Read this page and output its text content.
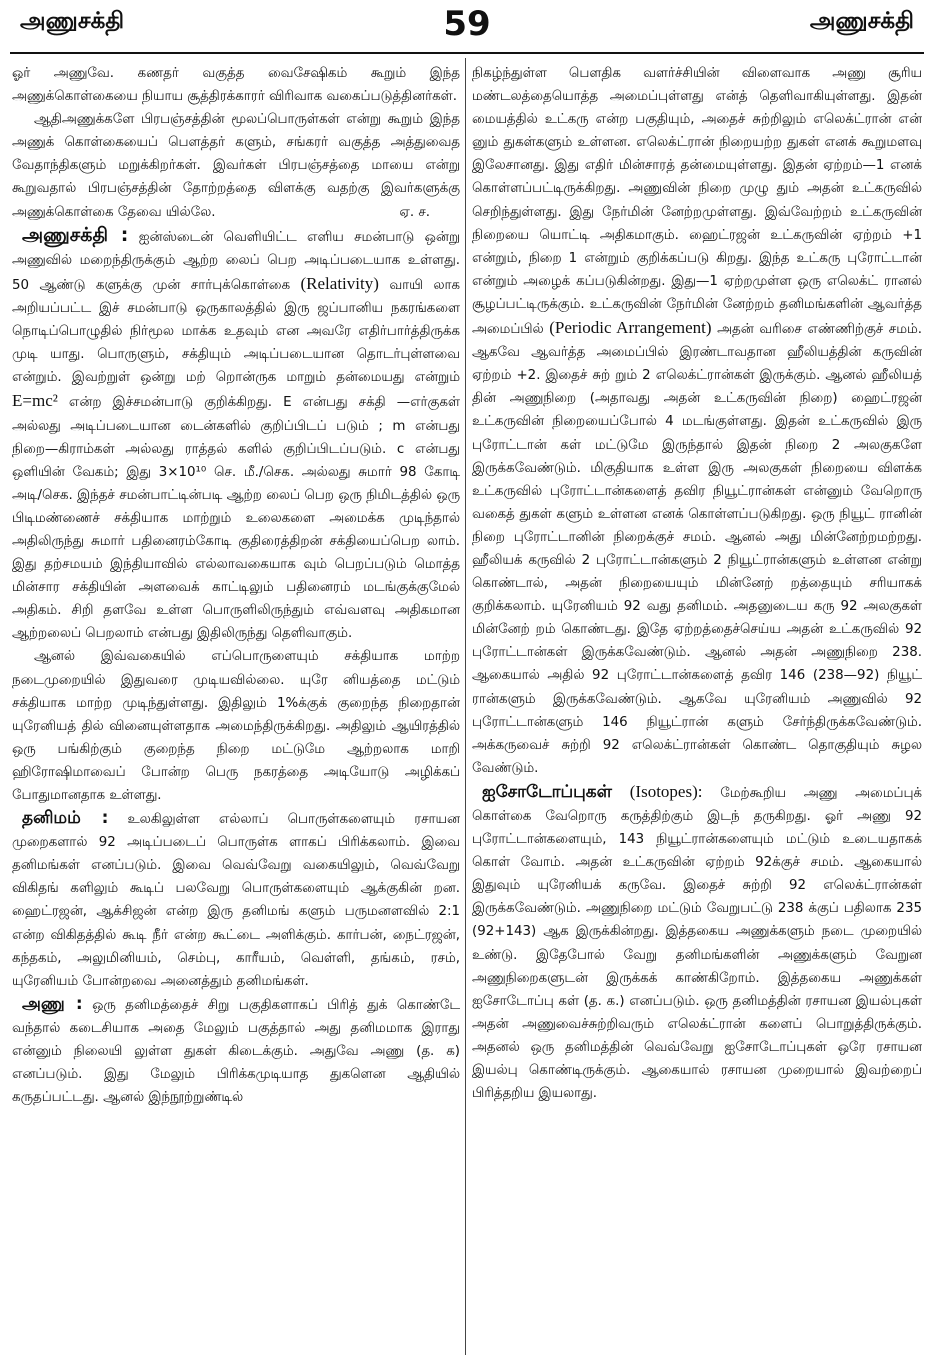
அணுசக்தி	59	அணுசக்தி

ஓர் அணுவே. கணதர் வகுத்த வைசேஷிகம் கூறும் இந்த அணுக்கொள்கையை நியாய சூத்திரக்காரர் விரிவாக வகைப்படுத்தினர்கள்.

ஆதிஅணுக்களே பிரபஞ்சத்தின் மூலப்பொருள்கள் என்று கூறும் இந்த அணுக் கொள்கையைப் பௌத்தர் களும், சங்கரர் வகுத்த அத்துவைத வேதாந்திகளும் மறுக்கிறர்கள். இவர்கள் பிரபஞ்சத்தை மாயை என்று கூறுவதால் பிரபஞ்சத்தின் தோற்றத்தை விளக்கு வதற்கு இவர்களுக்கு அணுக்கொள்கை தேவை யில்லே.	ஏ. ச.

அணுசக்தி : ஐன்ஸ்டைன் வெளியிட்ட எளிய சமன்பாடு ஒன்று அணுவில் மறைந்திருக்கும் ஆற்ற லைப் பெற அடிப்படையாக உள்ளது. 50 ஆண்டு களுக்கு முன் சார்புக்கொள்கை (Relativity) வாயி லாக அறியப்பட்ட இச் சமன்பாடு ஒருகாலத்தில் இரு ஜப்பானிய நகரங்களை நொடிப்பொழுதில் நிர்மூல மாக்க உதவும் என அவரே எதிர்பார்த்திருக்க முடி யாது. பொருளும், சக்தியும் அடிப்படையான தொடர்புள்ளவை என்றும். இவற்றுள் ஒன்று மற் றொன்ருக மாறும் தன்மையது என்றும் E=mc² என்ற இச்சமன்பாடு குறிக்கிறது. E என்பது சக்தி —எர்குகள் அல்லது அடிப்படையான டைன்களில் குறிப்பிடப் படும் ; m என்பது நிறை—கிராம்கள் அல்லது ராத்தல் களில் குறிப்பிடப்படும். c என்பது ஒளியின் வேகம்; இது 3×10¹⁰ செ. மீ./செக. அல்லது சுமார் 98 கோடி அடி/செக. இந்தச் சமன்பாட்டின்படி ஆற்ற லைப் பெற ஒரு நிமிடத்தில் ஒரு பிடிமண்ணைச் சக்தியாக மாற்றும் உலைகளை அமைக்க முடிந்தால் அதிலிருந்து சுமார் பதினைரம்கோடி குதிரைத்திறன் சக்தியைப்பெற லாம். இது தற்சமயம் இந்தியாவில் எல்லாவகையாக வும் பெறப்படும் மொத்த மின்சார சக்தியின் அளவைக் காட்டிலும் பதினைரம் மடங்குக்குமேல் அதிகம். சிறி தளவே உள்ள பொருளிலிருந்தும் எவ்வளவு அதிகமான ஆற்றலைப் பெறலாம் என்பது இதிலிருந்து தெளிவாகும்.

ஆனல் இவ்வகையில் எப்பொருளையும் சக்தியாக மாற்ற நடைமுறையில் இதுவரை முடியவில்லை. யுரே னியத்தை மட்டும் சக்தியாக மாற்ற முடிந்துள்ளது. இதிலும் 1%க்குக் குறைந்த நிறைதான் யுரேனியத் தில் வினையுள்ளதாக அமைந்திருக்கிறது. அதிலும் ஆயிரத்தில் ஒரு பங்கிற்கும் குறைந்த நிறை மட்டுமே ஆற்றலாக மாறி ஹிரோஷிமாவைப் போன்ற பெரு நகரத்தை அடியோடு அழிக்கப் போதுமானதாக உள்ளது.

தனிமம் : உலகிலுள்ள எல்லாப் பொருள்களையும் ரசாயன முறைகளால் 92 அடிப்படைப் பொருள்க ளாகப் பிரிக்கலாம். இவை தனிமங்கள் எனப்படும். இவை வெவ்வேறு வகையிலும், வெவ்வேறு விகிதங் களிலும் கூடிப் பலவேறு பொருள்களையும் ஆக்குகின் றன. ஹைட்ரஜன், ஆக்சிஜன் என்ற இரு தனிமங் களும் பருமனளவில் 2:1 என்ற விகிதத்தில் கூடி நீர் என்ற கூட்டை அளிக்கும். கார்பன், நைட்ரஜன், கந்தகம், அலுமினியம், செம்பு, காரீயம், வெள்ளி, தங்கம், ரசம், யுரேனியம் போன்றவை அனைத்தும் தனிமங்கள்.

அணு : ஒரு தனிமத்தைச் சிறு பகுதிகளாகப் பிரித் துக் கொண்டே வந்தால் கடைசியாக அதை மேலும் பகுத்தால் அது தனிமமாக இராது என்னும் நிலையி லுள்ள துகள் கிடைக்கும். அதுவே அணு (த. க) எனப்படும். இது மேலும் பிரிக்கமுடியாத துகளென ஆதியில் கருதப்பட்டது. ஆனல் இந்நூற்றுண்டில்

நிகழ்ந்துள்ள பௌதிக வளர்ச்சியின் விளைவாக அணு சூரிய மண்டலத்தையொத்த அமைப்புள்ளது என்த் தெளிவாகியுள்ளது. இதன் மையத்தில் உட்கரு என்ற பகுதியும், அதைச் சுற்றிலும் எலெக்ட்ரான் என் னும் துகள்களும் உள்ளன. எலெக்ட்ரான் நிறையற்ற துகள் எனக் கூறுமளவு இலேசானது. இது எதிர் மின்சாரத் தன்மையுள்ளது. இதன் ஏற்றம்—1 எனக் கொள்ளப்பட்டிருக்கிறது. அணுவின் நிறை முழு தும் அதன் உட்கருவில் செறிந்துள்ளது. இது நேர்மின் னேற்றமுள்ளது. இவ்வேற்றம் உட்கருவின் நிறையை யொட்டி அதிகமாகும். ஹைட்ரஜன் உட்கருவின் ஏற்றம் +1 என்றும், நிறை 1 என்றும் குறிக்கப்படு கிறது. இந்த உட்கரு புரோட்டான் என்றும் அழைக் கப்படுகின்றது. இது—1 ஏற்றமுள்ள ஒரு எலெக்ட் ரானல் சூழப்பட்டிருக்கும். உட்கருவின் நேர்மின் னேற்றம் தனிமங்களின் ஆவர்த்த அமைப்பில் (Periodic Arrangement) அதன் வரிசை எண்ணிற்குச் சமம். ஆகவே ஆவர்த்த அமைப்பில் இரண்டாவதான ஹீலியத்தின் கருவின் ஏற்றம் +2. இதைச் சுற் றும் 2 எலெக்ட்ரான்கள் இருக்கும். ஆனல் ஹீலியத் தின் அணுநிறை (அதாவது அதன் உட்கருவின் நிறை) ஹைட்ரஜன் உட்கருவின் நிறையைப்போல் 4 மடங்குள்ளது. இதன் உட்கருவில் இரு புரோட்டான் கள் மட்டுமே இருந்தால் இதன் நிறை 2 அலகுகளே இருக்கவேண்டும். மிகுதியாக உள்ள இரு அலகுகள் நிறையை விளக்க உட்கருவில் புரோட்டான்களைத் தவிர நியூட்ரான்கள் என்னும் வேறொரு வகைத் துகள் களும் உள்ளன எனக் கொள்ளப்படுகிறது. ஒரு நியூட் ரானின் நிறை புரோட்டானின் நிறைக்குச் சமம். ஆனல் அது மின்னேற்றமற்றது. ஹீலியக் கருவில் 2 புரோட்டான்களும் 2 நியூட்ரான்களும் உள்ளன என்று கொண்டால், அதன் நிறையையும் மின்னேற் றத்தையும் சரியாகக் குறிக்கலாம். யுரேனியம் 92 வது தனிமம். அதனுடைய கரு 92 அலகுகள் மின்னேற் றம் கொண்டது. இதே ஏற்றத்தைச்செய்ய அதன் உட்கருவில் 92 புரோட்டான்கள் இருக்கவேண்டும். ஆனல் அதன் அணுநிறை 238. ஆகையால் அதில் 92 புரோட்டான்களைத் தவிர 146 (238—92) நியூட் ரான்களும் இருக்கவேண்டும். ஆகவே யுரேனியம் அணுவில் 92 புரோட்டான்களும் 146 நியூட்ரான் களும் சேர்ந்திருக்கவேண்டும். அக்கருவைச் சுற்றி 92 எலெக்ட்ரான்கள் கொண்ட தொகுதியும் சுழல வேண்டும்.

ஐசோடோப்புகள் (Isotopes): மேற்கூறிய அணு அமைப்புக் கொள்கை வேறொரு கருத்திற்கும் இடந் தருகிறது. ஓர் அணு 92 புரோட்டான்களையும், 143 நியூட்ரான்களையும் மட்டும் உடையதாகக் கொள் வோம். அதன் உட்கருவின் ஏற்றம் 92க்குச் சமம். ஆகையால் இதுவும் யுரேனியக் கருவே. இதைச் சுற்றி 92 எலெக்ட்ரான்கள் இருக்கவேண்டும். அணுநிறை மட்டும் வேறுபட்டு 238 க்குப் பதிலாக 235 (92+143) ஆக இருக்கின்றது. இத்தகைய அணுக்களும் நடை முறையில் உண்டு. இதேபோல் வேறு தனிமங்களின் அணுக்களும் வேறுன அணுநிறைகளுடன் இருக்கக் காண்கிறோம். இத்தகைய அணுக்கள் ஐசோடோப்பு கள் (த. க.) எனப்படும். ஒரு தனிமத்தின் ரசாயன இயல்புகள் அதன் அணுவைச்சுற்றிவரும் எலெக்ட்ரான் களைப் பொறுத்திருக்கும். அதனல் ஒரு தனிமத்தின் வெவ்வேறு ஐசோடோப்புகள் ஒரே ரசாயன இயல்பு கொண்டிருக்கும். ஆகையால் ரசாயன முறையால் இவற்றைப் பிரித்தறிய இயலாது.
